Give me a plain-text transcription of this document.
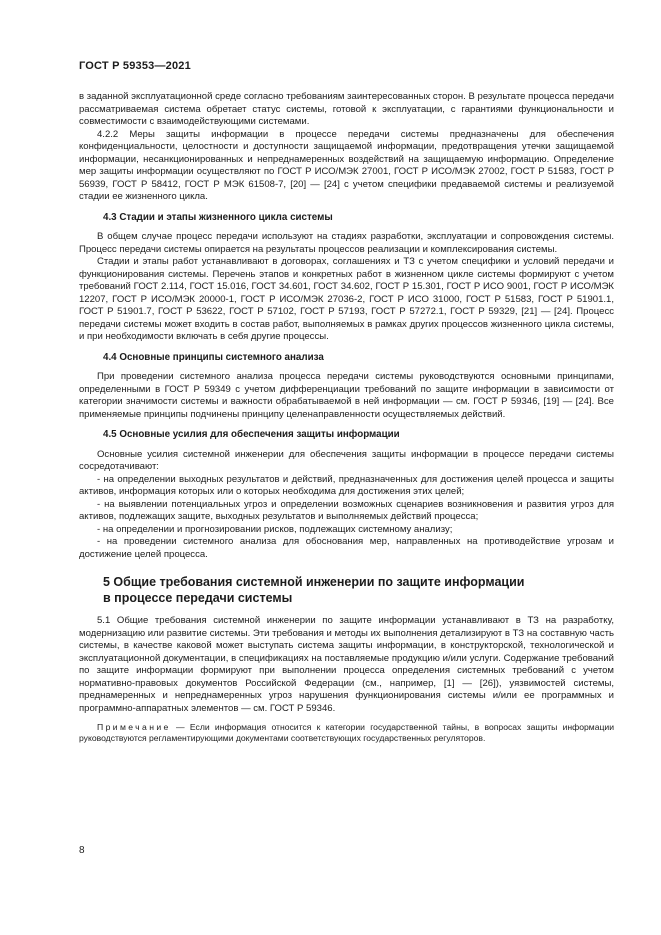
ГОСТ Р 59353—2021

в заданной эксплуатационной среде согласно требованиям заинтересованных сторон. В результате процесса передачи рассматриваемая система обретает статус системы, готовой к эксплуатации, с гарантиями функциональности и совместимости с взаимодействующими системами.

4.2.2 Меры защиты информации в процессе передачи системы предназначены для обеспечения конфиденциальности, целостности и доступности защищаемой информации, предотвращения утечки защищаемой информации, несанкционированных и непреднамеренных воздействий на защищаемую информацию. Определение мер защиты информации осуществляют по ГОСТ Р ИСО/МЭК 27001, ГОСТ Р ИСО/МЭК 27002, ГОСТ Р 51583, ГОСТ Р 56939, ГОСТ Р 58412, ГОСТ Р МЭК 61508-7, [20] — [24] с учетом специфики предаваемой системы и реализуемой стадии ее жизненного цикла.

4.3 Стадии и этапы жизненного цикла системы

В общем случае процесс передачи используют на стадиях разработки, эксплуатации и сопровождения системы. Процесс передачи системы опирается на результаты процессов реализации и комплексирования системы.

Стадии и этапы работ устанавливают в договорах, соглашениях и ТЗ с учетом специфики и условий передачи и функционирования системы. Перечень этапов и конкретных работ в жизненном цикле системы формируют с учетом требований ГОСТ 2.114, ГОСТ 15.016, ГОСТ 34.601, ГОСТ 34.602, ГОСТ Р 15.301, ГОСТ Р ИСО 9001, ГОСТ Р ИСО/МЭК 12207, ГОСТ Р ИСО/МЭК 20000-1, ГОСТ Р ИСО/МЭК 27036-2, ГОСТ Р ИСО 31000, ГОСТ Р 51583, ГОСТ Р 51901.1, ГОСТ Р 51901.7, ГОСТ Р 53622, ГОСТ Р 57102, ГОСТ Р 57193, ГОСТ Р 57272.1, ГОСТ Р 59329, [21] — [24]. Процесс передачи системы может входить в состав работ, выполняемых в рамках других процессов жизненного цикла системы, и при необходимости включать в себя другие процессы.

4.4 Основные принципы системного анализа

При проведении системного анализа процесса передачи системы руководствуются основными принципами, определенными в ГОСТ Р 59349 с учетом дифференциации требований по защите информации в зависимости от категории значимости системы и важности обрабатываемой в ней информации — см. ГОСТ Р 59346, [19] — [24]. Все применяемые принципы подчинены принципу целенаправленности осуществляемых действий.

4.5 Основные усилия для обеспечения защиты информации

Основные усилия системной инженерии для обеспечения защиты информации в процессе передачи системы сосредотачивают:

- на определении выходных результатов и действий, предназначенных для достижения целей процесса и защиты активов, информация которых или о которых необходима для достижения этих целей;

- на выявлении потенциальных угроз и определении возможных сценариев возникновения и развития угроз для активов, подлежащих защите, выходных результатов и выполняемых действий процесса;

- на определении и прогнозировании рисков, подлежащих системному анализу;

- на проведении системного анализа для обоснования мер, направленных на противодействие угрозам и достижение целей процесса.

5 Общие требования системной инженерии по защите информации
в процессе передачи системы

5.1 Общие требования системной инженерии по защите информации устанавливают в ТЗ на разработку, модернизацию или развитие системы. Эти требования и методы их выполнения детализируют в ТЗ на составную часть системы, в качестве каковой может выступать система защиты информации, в конструкторской, технологической и эксплуатационной документации, в спецификациях на поставляемые продукцию и/или услуги. Содержание требований по защите информации формируют при выполнении процесса определения системных требований с учетом нормативно-правовых документов Российской Федерации (см., например, [1] — [26]), уязвимостей системы, преднамеренных и непреднамеренных угроз нарушения функционирования системы и/или ее программных и программно-аппаратных элементов — см. ГОСТ Р 59346.

Примечание — Если информация относится к категории государственной тайны, в вопросах защиты информации руководствуются регламентирующими документами соответствующих государственных регуляторов.

8
